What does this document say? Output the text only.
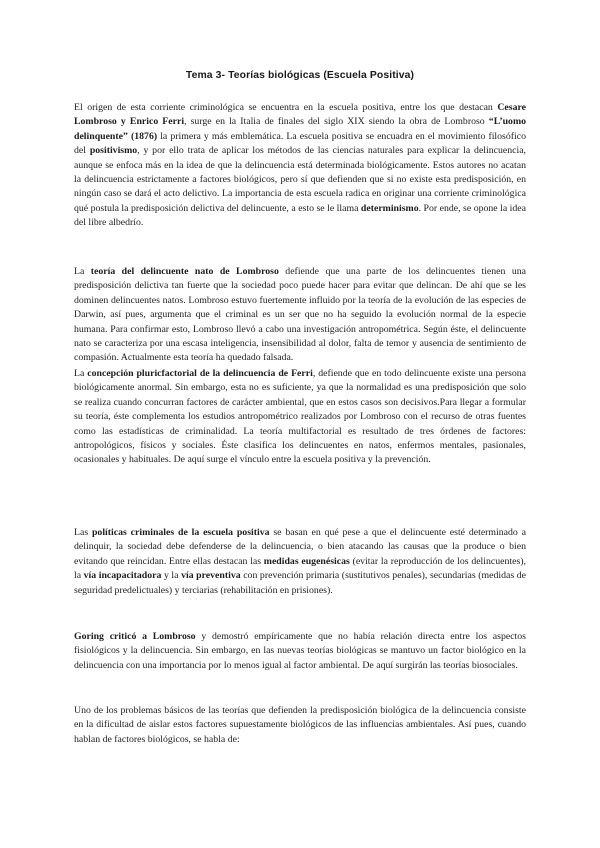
Tema 3- Teorías biológicas (Escuela Positiva)

El origen de esta corriente criminológica se encuentra en la escuela positiva, entre los que destacan Cesare Lombroso y Enrico Ferri, surge en la Italia de finales del siglo XIX siendo la obra de Lombroso “L’uomo delinquente” (1876) la primera y más emblemática. La escuela positiva se encuadra en el movimiento filosófico del positivismo, y por ello trata de aplicar los métodos de las ciencias naturales para explicar la delincuencia, aunque se enfoca más en la idea de que la delincuencia está determinada biológicamente. Estos autores no acatan la delincuencia estrictamente a factores biológicos, pero sí que defienden que si no existe esta predisposición, en ningún caso se dará el acto delictivo. La importancia de esta escuela radica en originar una corriente criminológica qué postula la predisposición delictiva del delincuente, a esto se le llama determinismo. Por ende, se opone la idea del libre albedrío.

La teoría del delincuente nato de Lombroso defiende que una parte de los delincuentes tienen una predisposición delictiva tan fuerte que la sociedad poco puede hacer para evitar que delincan. De ahí que se les dominen delincuentes natos. Lombroso estuvo fuertemente influido por la teoría de la evolución de las especies de Darwin, así pues, argumenta que el criminal es un ser que no ha seguido la evolución normal de la especie humana. Para confirmar esto, Lombroso llevó a cabo una investigación antropométrica. Según éste, el delincuente nato se caracteriza por una escasa inteligencia, insensibilidad al dolor, falta de temor y ausencia de sentimiento de compasión. Actualmente esta teoría ha quedado falsada.

La concepción pluricfactorial de la delincuencia de Ferri, defiende que en todo delincuente existe una persona biológicamente anormal. Sin embargo, esta no es suficiente, ya que la normalidad es una predisposición que solo se realiza cuando concurran factores de carácter ambiental, que en estos casos son decisivos.Para llegar a formular su teoría, éste complementa los estudios antropométrico realizados por Lombroso con el recurso de otras fuentes como las estadísticas de criminalidad. La teoría multifactorial es resultado de tres órdenes de factores: antropológicos, físicos y sociales. Éste clasifica los delincuentes en natos, enfermos mentales, pasionales, ocasionales y habituales. De aquí surge el vínculo entre la escuela positiva y la prevención.

Las políticas criminales de la escuela positiva se basan en qué pese a que el delincuente esté determinado a delinquir, la sociedad debe defenderse de la delincuencia, o bien atacando las causas que la produce o bien evitando que reincidan. Entre ellas destacan las medidas eugenésicas (evitar la reproducción de los delincuentes), la vía incapacitadora y la vía preventiva con prevención primaria (sustitutivos penales), secundarias (medidas de seguridad predelictuales) y terciarias (rehabilitación en prisiones).

Goring criticó a Lombroso y demostró empíricamente que no había relación directa entre los aspectos fisiológicos y la delincuencia. Sin embargo, en las nuevas teorías biológicas se mantuvo un factor biológico en la delincuencia con una importancia por lo menos igual al factor ambiental. De aquí surgirán las teorías biosociales.

Uno de los problemas básicos de las teorías que defienden la predisposición biológica de la delincuencia consiste en la dificultad de aislar estos factores supuestamente biológicos de las influencias ambientales. Así pues, cuando hablan de factores biológicos, se habla de:
